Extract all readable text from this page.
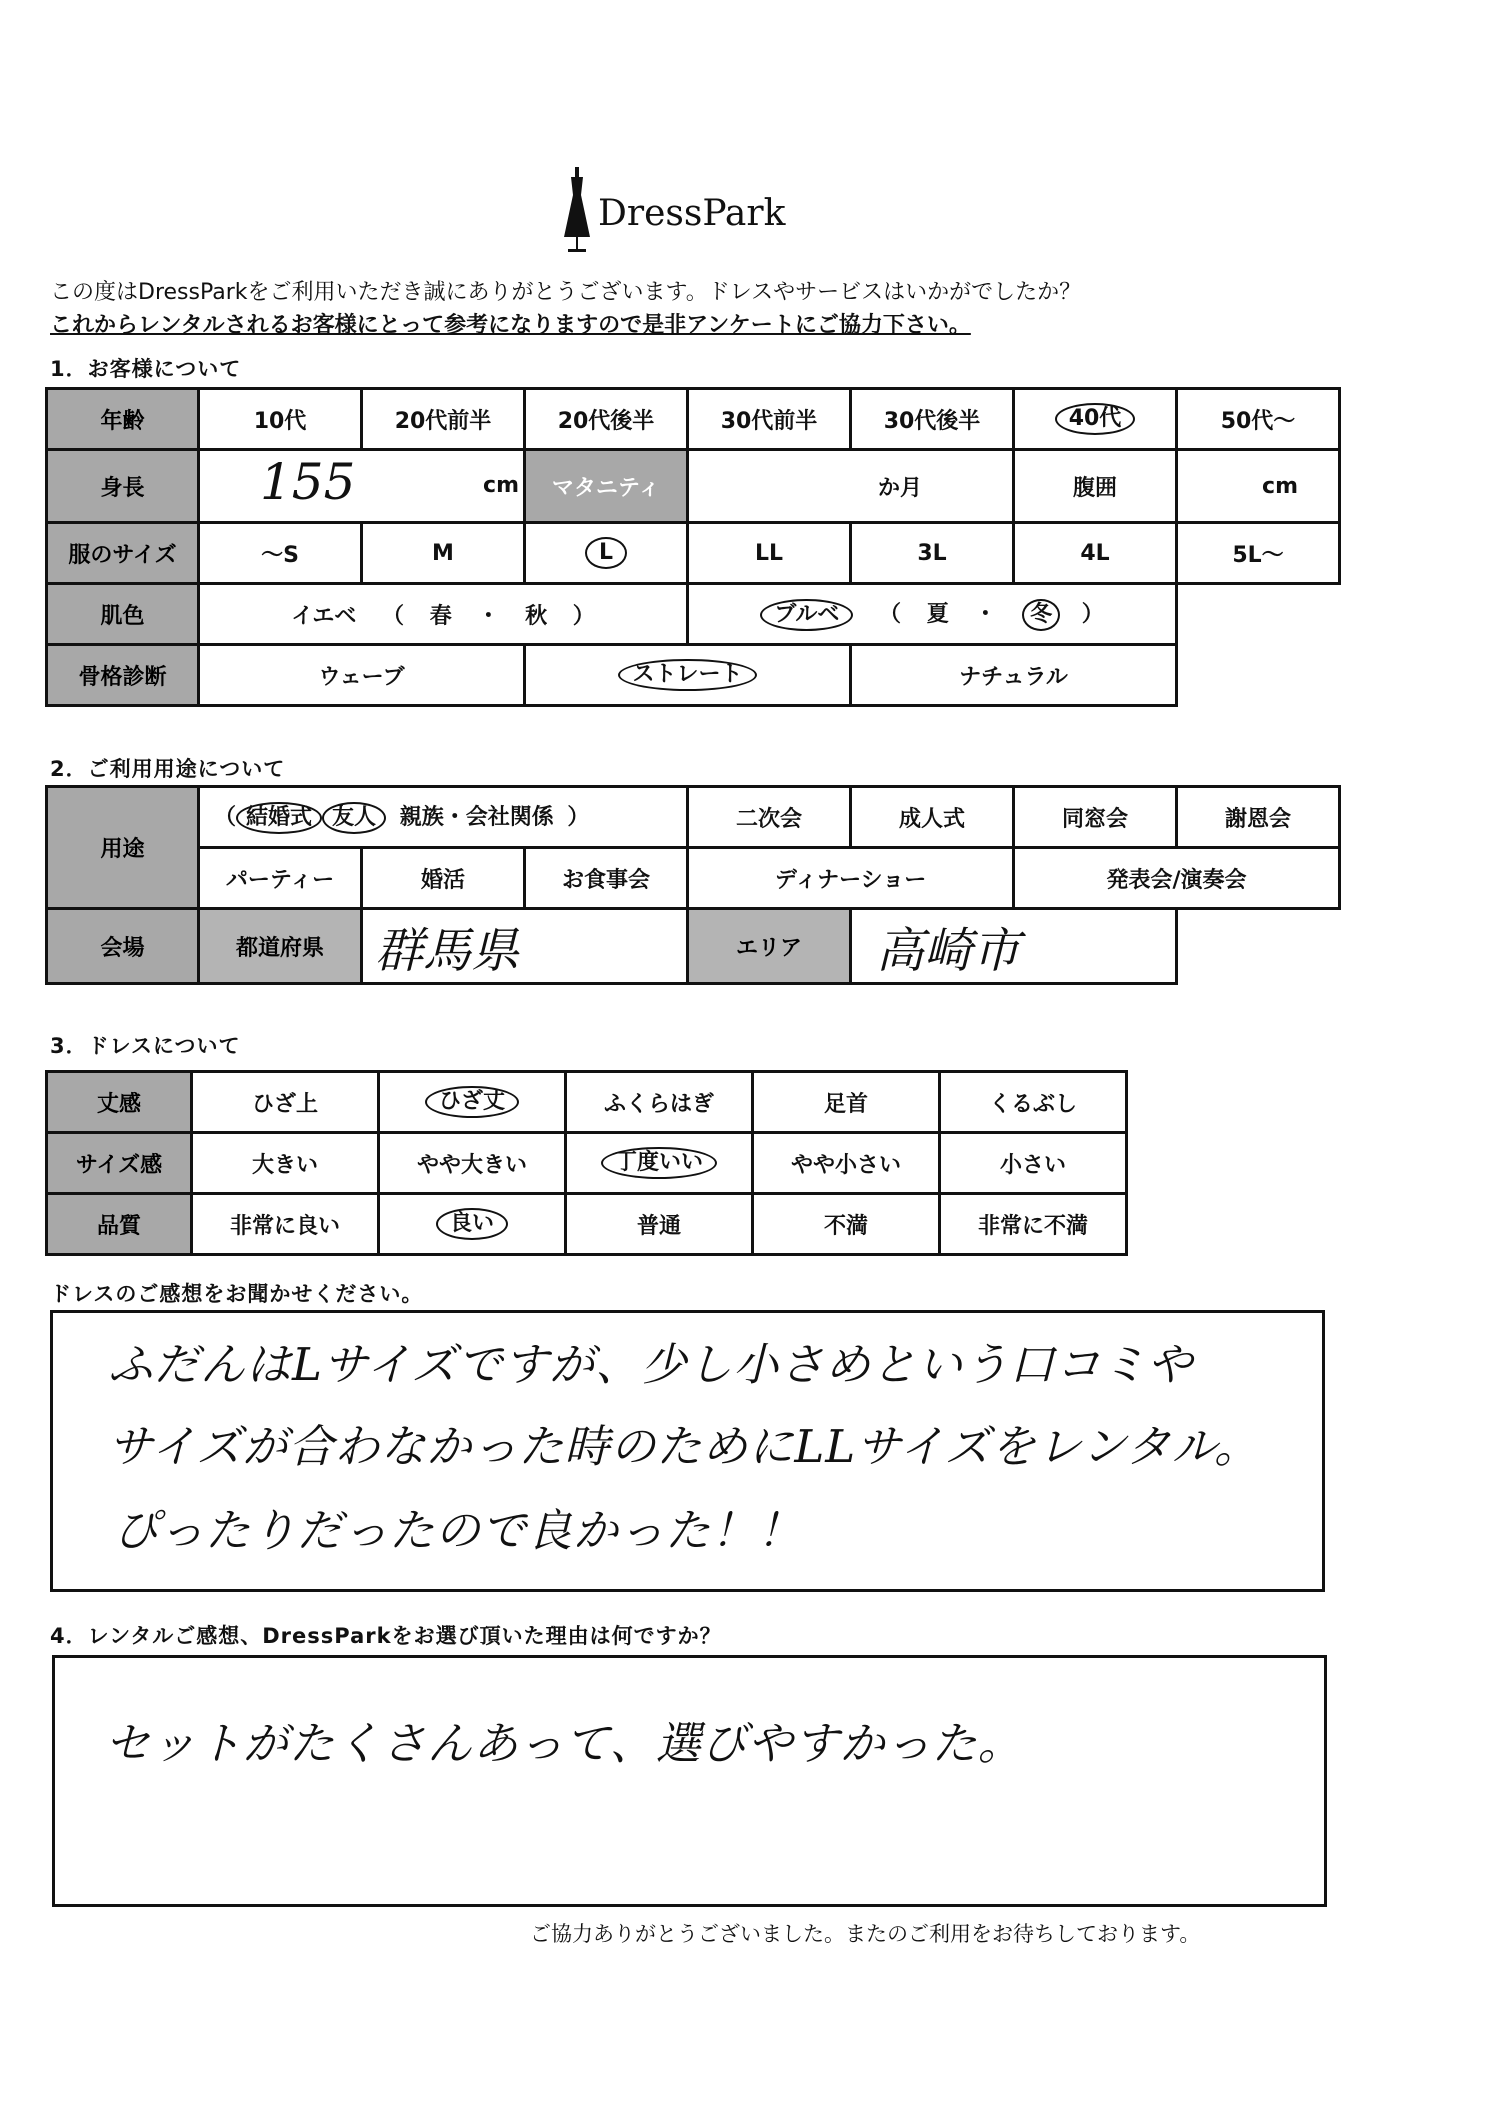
DressPark
この度はDressParkをご利用いただき誠にありがとうございます。ドレスやサービスはいかがでしたか？
これからレンタルされるお客様にとって参考になりますので是非アンケートにご協力下さい。
1．お客様について
年齢	10代	20代前半	20代後半	30代前半	30代後半	40代	50代～
身長	155 cm		マタニティ	か月		腹囲	cm
服のサイズ	～S	M	L	LL	3L	4L	5L～
肌色	イエベ （ 春 ・ 秋 ）			ブルベ （ 夏 ・ 冬 ）			
骨格診断	ウェーブ		ストレート		ナチュラル		
2．ご利用用途について
用途	（ 結婚式 友人 親族・会社関係 ）			二次会	成人式	同窓会	謝恩会
	パーティー	婚活	お食事会	ディナーショー		発表会/演奏会	
会場	都道府県	群馬県		エリア	高崎市		
3．ドレスについて
丈感	ひざ上	ひざ丈	ふくらはぎ	足首	くるぶし
サイズ感	大きい	やや大きい	丁度いい	やや小さい	小さい
品質	非常に良い	良い	普通	不満	非常に不満
ドレスのご感想をお聞かせください。
ふだんはLサイズですが、少し小さめという口コミや
サイズが合わなかった時のためにLLサイズをレンタル。
ぴったりだったので良かった！！
4．レンタルご感想、DressParkをお選び頂いた理由は何ですか？
セットがたくさんあって、選びやすかった。
ご協力ありがとうございました。またのご利用をお待ちしております。
